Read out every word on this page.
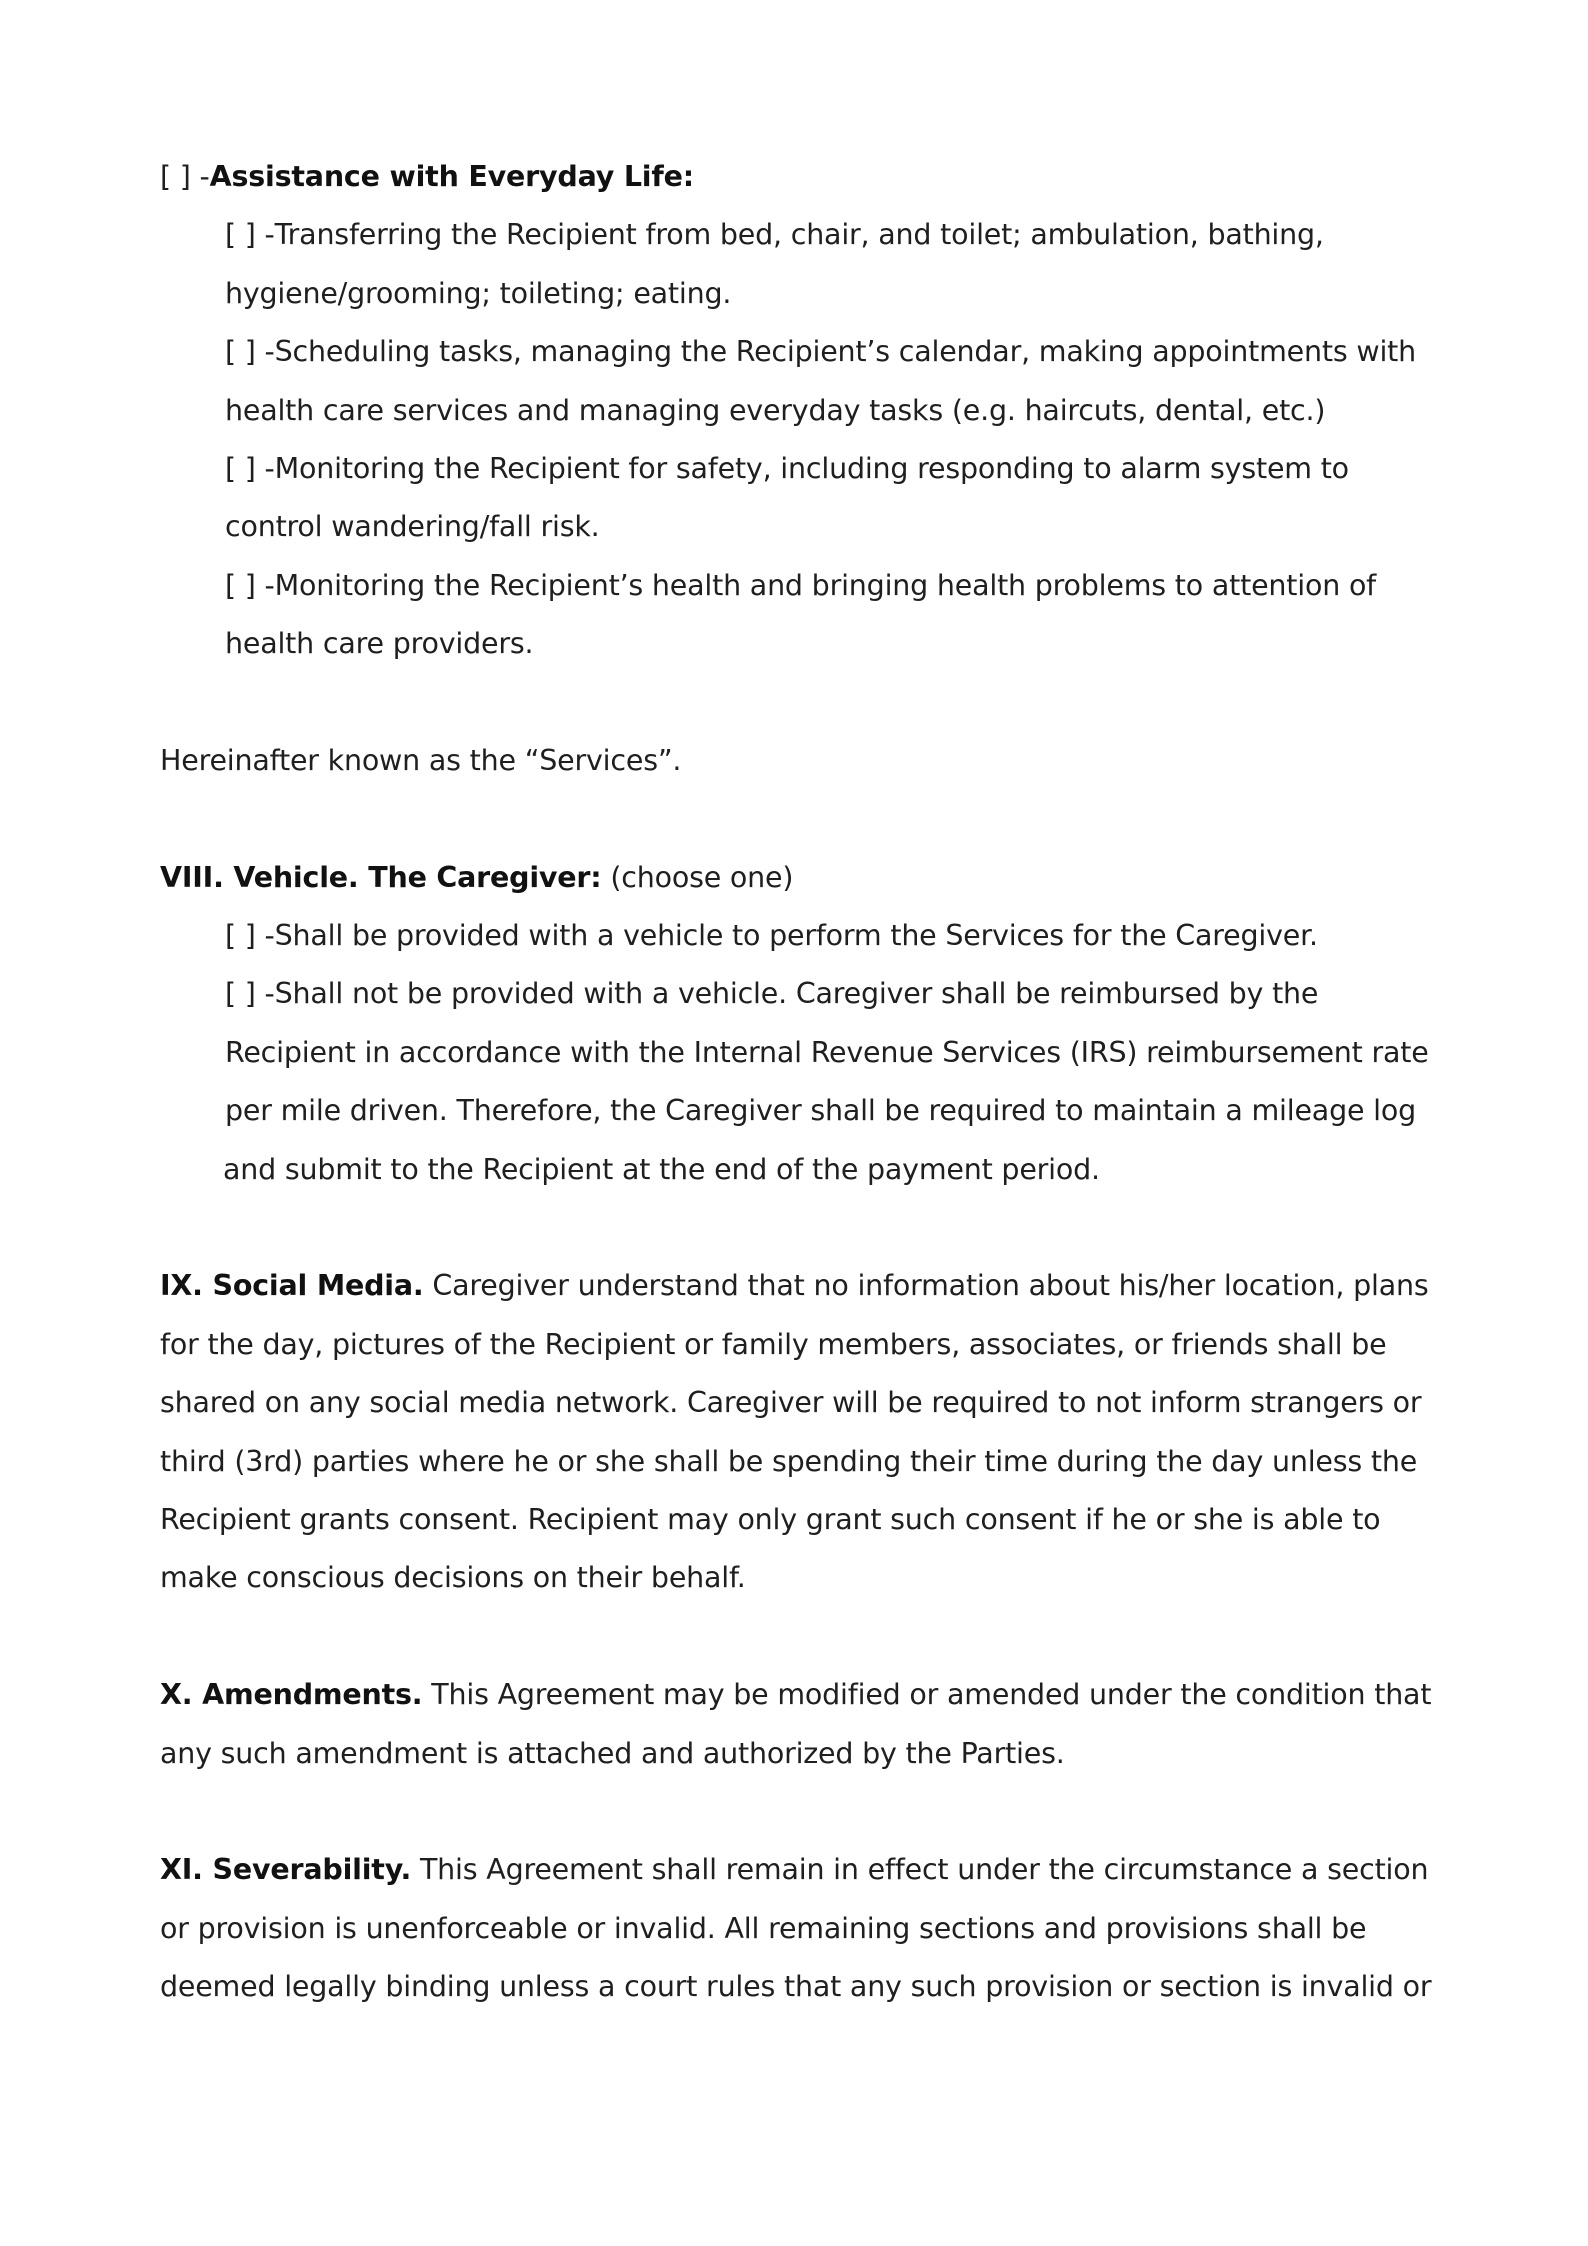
[ ] -Assistance with Everyday Life:
[ ] -Transferring the Recipient from bed, chair, and toilet; ambulation, bathing,
hygiene/grooming; toileting; eating.
[ ] -Scheduling tasks, managing the Recipient’s calendar, making appointments with
health care services and managing everyday tasks (e.g. haircuts, dental, etc.)
[ ] -Monitoring the Recipient for safety, including responding to alarm system to
control wandering/fall risk.
[ ] -Monitoring the Recipient’s health and bringing health problems to attention of
health care providers.
Hereinafter known as the “Services”.
VIII. Vehicle. The Caregiver: (choose one)
[ ] -Shall be provided with a vehicle to perform the Services for the Caregiver.
[ ] -Shall not be provided with a vehicle. Caregiver shall be reimbursed by the
Recipient in accordance with the Internal Revenue Services (IRS) reimbursement rate
per mile driven. Therefore, the Caregiver shall be required to maintain a mileage log
and submit to the Recipient at the end of the payment period.
IX. Social Media. Caregiver understand that no information about his/her location, plans
for the day, pictures of the Recipient or family members, associates, or friends shall be
shared on any social media network. Caregiver will be required to not inform strangers or
third (3rd) parties where he or she shall be spending their time during the day unless the
Recipient grants consent. Recipient may only grant such consent if he or she is able to
make conscious decisions on their behalf.
X. Amendments. This Agreement may be modified or amended under the condition that
any such amendment is attached and authorized by the Parties.
XI. Severability. This Agreement shall remain in effect under the circumstance a section
or provision is unenforceable or invalid. All remaining sections and provisions shall be
deemed legally binding unless a court rules that any such provision or section is invalid or
